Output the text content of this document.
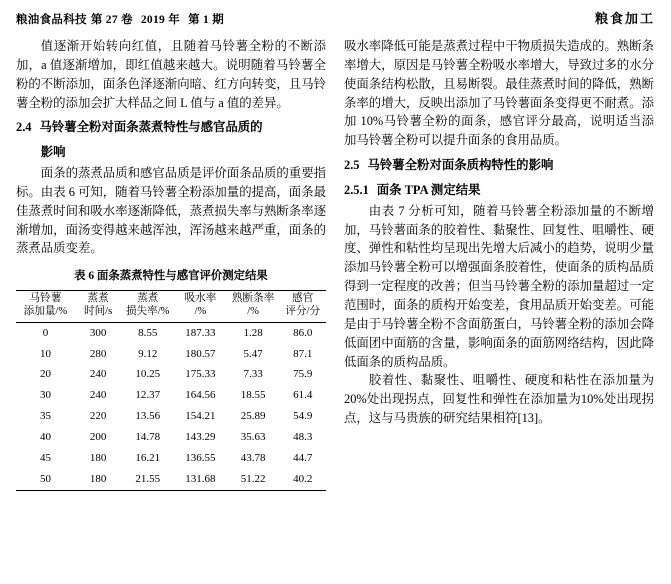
粮油食品科技 第 27 卷 2019 年 第 1 期	粮食加工

值逐渐开始转向红值，且随着马铃薯全粉的不断添加，a 值逐渐增加，即红值越来越大。说明随着马铃薯全粉的不断添加，面条色泽逐渐向暗、红方向转变，且马铃薯全粉的添加会扩大样品之间 L 值与 a 值的差异。

2.4 马铃薯全粉对面条蒸煮特性与感官品质的

影响

面条的蒸煮品质和感官品质是评价面条品质的重要指标。由表 6 可知，随着马铃薯全粉添加量的提高，面条最佳蒸煮时间和吸水率逐渐降低，蒸煮损失率与熟断条率逐渐增加，面汤变得越来越浑浊，浑汤越来越严重，面条的蒸煮品质变差。

表 6 面条蒸煮特性与感官评价测定结果
马铃薯
添加量/%

蒸煮
时间/s

蒸煮
损失率/%

吸水率
/%

熟断条率
/%

感官
评分/分

0	300	8.55	187.33	1.28	86.0
10	280	9.12	180.57	5.47	87.1
20	240	10.25	175.33	7.33	75.9
30	240	12.37	164.56	18.55	61.4
35	220	13.56	154.21	25.89	54.9
40	200	14.78	143.29	35.63	48.3
45	180	16.21	136.55	43.78	44.7
50	180	21.55	131.68	51.22	40.2

吸水率降低可能是蒸煮过程中干物质损失造成的。熟断条率增大，原因是马铃薯全粉吸水率增大，导致过多的水分使面条结构松散，且易断裂。最佳蒸煮时间的降低，熟断条率的增大，反映出添加了马铃薯面条变得更不耐煮。添加 10%马铃薯全粉的面条，感官评分最高，说明适当添加马铃薯全粉可以提升面条的食用品质。

2.5 马铃薯全粉对面条质构特性的影响

2.5.1 面条 TPA 测定结果

由表 7 分析可知，随着马铃薯全粉添加量的不断增加，马铃薯面条的胶着性、黏聚性、回复性、咀嚼性、硬度、弹性和粘性均呈现出先增大后减小的趋势，说明少量添加马铃薯全粉可以增强面条胶着性，使面条的质构品质得到一定程度的改善；但当马铃薯全粉的添加量超过一定范围时，面条的质构开始变差，食用品质开始变差。可能是由于马铃薯全粉不含面筋蛋白，马铃薯全粉的添加会降低面团中面筋的含量，影响面条的面筋网络结构，因此降低面条的质构品质。

胶着性、黏聚性、咀嚼性、硬度和粘性在添加量为20%处出现拐点，回复性和弹性在添加量为10%处出现拐点，这与马贵族的研究结果相符[13]。
